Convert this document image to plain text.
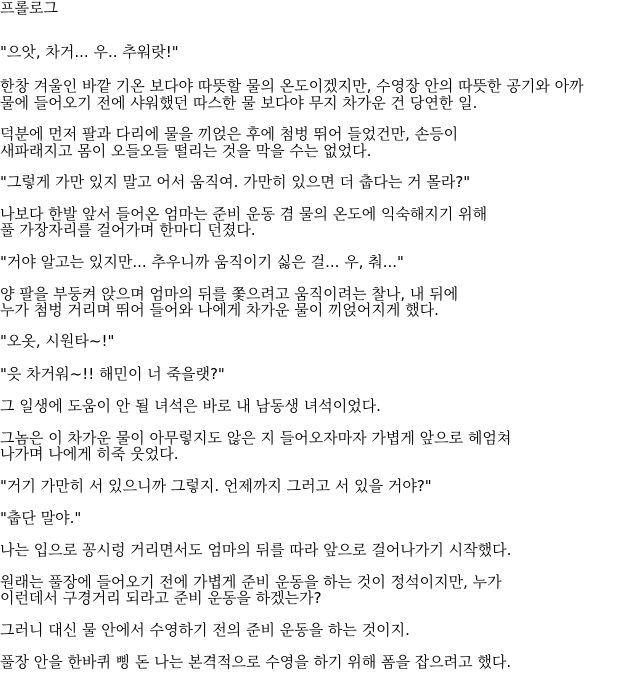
프롤로그
"으앗, 차거... 우.. 추워랏!"
한창 겨울인 바깥 기온 보다야 따뜻할 물의 온도이겠지만, 수영장 안의 따뜻한 공기와 아까
물에 들어오기 전에 샤워했던 따스한 물 보다야 무지 차가운 건 당연한 일.
덕분에 먼저 팔과 다리에 물을 끼얹은 후에 첨벙 뛰어 들었건만, 손등이
새파래지고 몸이 오들오들 떨리는 것을 막을 수는 없었다.
"그렇게 가만 있지 말고 어서 움직여. 가만히 있으면 더 춥다는 거 몰라?"
나보다 한발 앞서 들어온 엄마는 준비 운동 겸 물의 온도에 익숙해지기 위해
풀 가장자리를 걸어가며 한마디 던졌다.
"거야 알고는 있지만... 추우니까 움직이기 싫은 걸... 우, 춰..."
양 팔을 부둥켜 앉으며 엄마의 뒤를 쫓으려고 움직이려는 찰나, 내 뒤에
누가 첨벙 거리며 뛰어 들어와 나에게 차가운 물이 끼얹어지게 했다.
"오옷, 시원타~!"
"읏 차거워~!! 해민이 너 죽을랫?"
그 일생에 도움이 안 될 녀석은 바로 내 남동생 녀석이었다.
그놈은 이 차가운 물이 아무렇지도 않은 지 들어오자마자 가볍게 앞으로 헤엄쳐
나가며 나에게 히죽 웃었다.
"거기 가만히 서 있으니까 그렇지. 언제까지 그러고 서 있을 거야?"
"춥단 말야."
나는 입으로 꽁시렁 거리면서도 엄마의 뒤를 따라 앞으로 걸어나가기 시작했다.
원래는 풀장에 들어오기 전에 가볍게 준비 운동을 하는 것이 정석이지만, 누가
이런데서 구경거리 되라고 준비 운동을 하겠는가?
그러니 대신 물 안에서 수영하기 전의 준비 운동을 하는 것이지.
풀장 안을 한바퀴 삥 돈 나는 본격적으로 수영을 하기 위해 폼을 잡으려고 했다.
